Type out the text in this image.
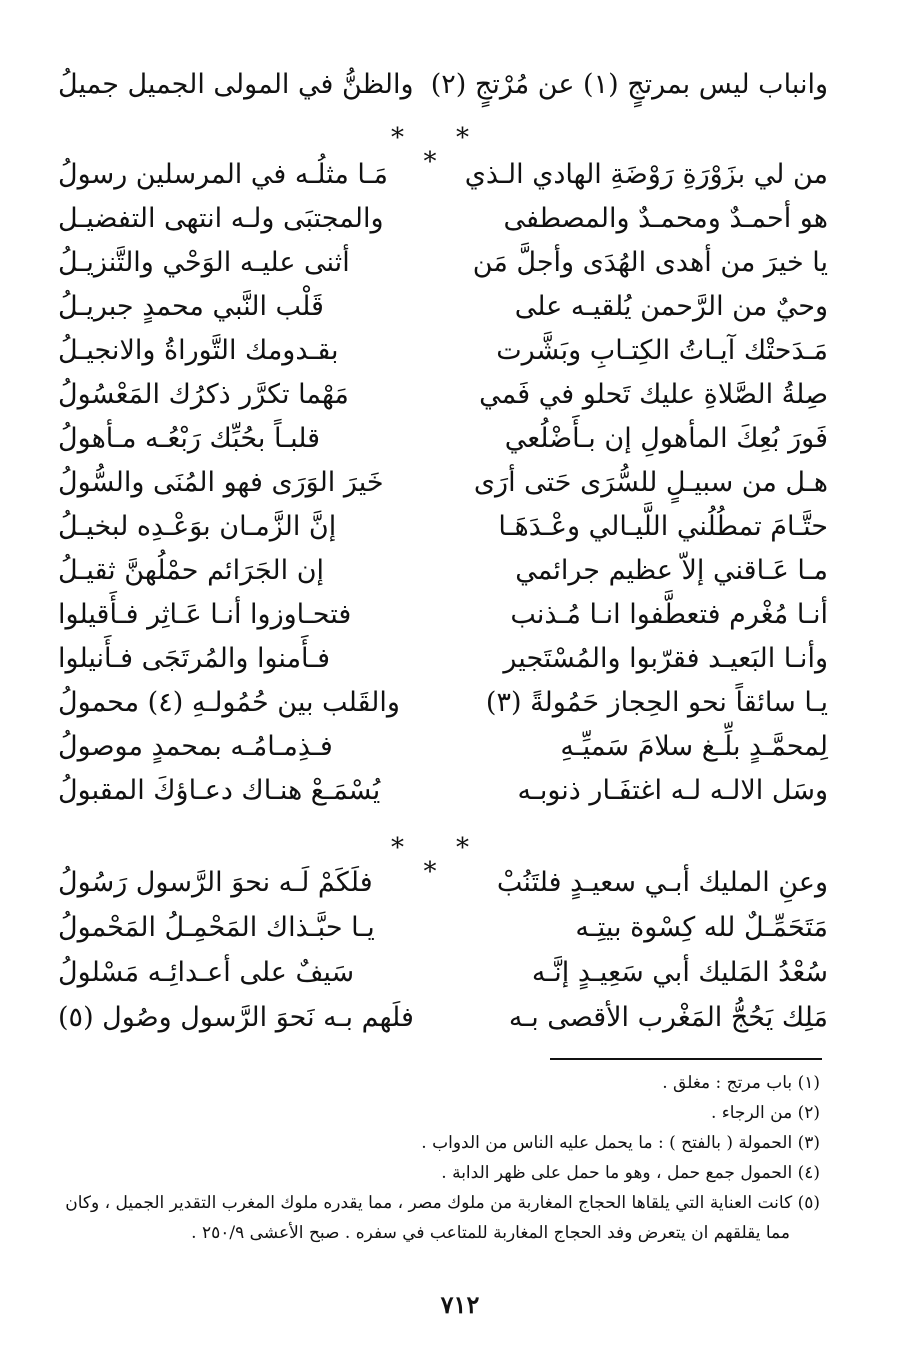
وانباب ليس بمرتجٍ (١) عن مُرْتجٍ (٢)
والظنُّ في المولى الجميل جميلُ
***	من لي بزَوْرَةِ رَوْضَةِ الهادي الـذي
مَـا مثلُـه في المرسلين رسولُ
هو أحمـدٌ ومحمـدٌ والمصطفى
والمجتبَى ولـه انتهى التفضيـل
يا خيرَ من أهدى الهُدَى وأجلَّ مَن
أثنى عليـه الوَحْي والتَّنزيـلُ
وحيٌ من الرَّحمن يُلقيـه على
قَلْب النَّبي محمدٍ جبريـلُ
مَـدَحتْك آيـاتُ الكِتـابِ وبَشَّرت
بقـدومك التَّوراةُ والانجيـلُ
صِلةُ الصَّلاةِ عليك تَحلو في فَمي
مَهْما تكرَّر ذكرُك المَعْسُولُ
فَورَ بُعِكَ المأهولِ إن بـأَضْلُعي
قلبـاً بحُبِّك رَبْعُـه مـأهولُ
هـل من سبيـلٍ للسُّرَى حَتى أرَى
خَيرَ الوَرَى فهو المُنَى والسُّولُ
حتَّـامَ تمطُلُني اللَّيـالي وعْـدَهَـا
إنَّ الزَّمـان بوَعْـدِه لبخيـلُ
مـا عَـاقني إلاّ عظيم جرائمي
إن الجَرَائم حمْلُهنَّ ثقيـلُ
أنـا مُغْرم فتعطَّفوا انـا مُـذنب
فتحـاوزوا أنـا عَـاثِر فـأَقيلوا
وأنـا البَعيـد فقرّبوا والمُسْتَجير
فـأَمنوا والمُرتَجَى فـأَنيلوا
يـا سائقاً نحو الحِجاز حَمُولةً (٣)
والقَلب بين حُمُولـهِ (٤) محمولُ
لِمحمَّـدٍ بلِّـغ سلامَ سَميِّـهِ
فـذِمـامُـه بمحمدٍ موصولُ
وسَل الالـه لـه اغتفَـار ذنوبـه
يُسْمَـعْ هنـاك دعـاؤكَ المقبولُ
***	وعنِ المليك أبـي سعيـدٍ فلتَنُبْ
فلَكَمْ لَـه نحوَ الرَّسول رَسُولُ
مَتَحَمِّـلٌ لله كِسْوة بيتِـه
يـا حبَّـذاك المَحْمِـلُ المَحْمولُ
سُعْدُ المَليك أبي سَعِيـدٍ إنَّـه
سَيفٌ على أعـدائِـه مَسْلولُ
مَلِك يَحُجُّ المَغْرب الأقصى بـه
فلَهم بـه نَحوَ الرَّسول وصُول (٥)
(١) باب مرتج : مغلق .
(٢) من الرجاء .
(٣) الحمولة ( بالفتح ) : ما يحمل عليه الناس من الدواب .
(٤) الحمول جمع حمل ، وهو ما حمل على ظهر الدابة .
(٥) كانت العناية التي يلقاها الحجاج المغاربة من ملوك مصر ، مما يقدره ملوك المغرب التقدير الجميل ، وكان
مما يقلقهم ان يتعرض وفد الحجاج المغاربة للمتاعب في سفره . صبح الأعشى ٢٥٠/٩ .
٧١٢
